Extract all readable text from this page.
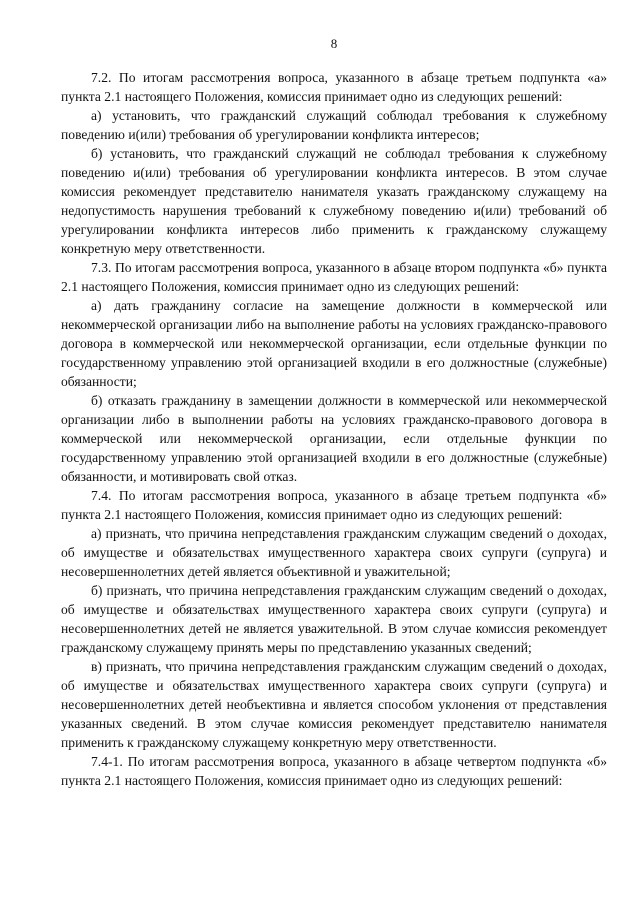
8

7.2. По итогам рассмотрения вопроса, указанного в абзаце третьем подпункта «а» пункта 2.1 настоящего Положения, комиссия принимает одно из следующих решений:

а) установить, что гражданский служащий соблюдал требования к служебному поведению и(или) требования об урегулировании конфликта интересов;

б) установить, что гражданский служащий не соблюдал требования к служебному поведению и(или) требования об урегулировании конфликта интересов. В этом случае комиссия рекомендует представителю нанимателя указать гражданскому служащему на недопустимость нарушения требований к служебному поведению и(или) требований об урегулировании конфликта интересов либо применить к гражданскому служащему конкретную меру ответственности.

7.3. По итогам рассмотрения вопроса, указанного в абзаце втором подпункта «б» пункта 2.1 настоящего Положения, комиссия принимает одно из следующих решений:

а) дать гражданину согласие на замещение должности в коммерческой или некоммерческой организации либо на выполнение работы на условиях гражданско-правового договора в коммерческой или некоммерческой организации, если отдельные функции по государственному управлению этой организацией входили в его должностные (служебные) обязанности;

б) отказать гражданину в замещении должности в коммерческой или некоммерческой организации либо в выполнении работы на условиях гражданско-правового договора в коммерческой или некоммерческой организации, если отдельные функции по государственному управлению этой организацией входили в его должностные (служебные) обязанности, и мотивировать свой отказ.

7.4. По итогам рассмотрения вопроса, указанного в абзаце третьем подпункта «б» пункта 2.1 настоящего Положения, комиссия принимает одно из следующих решений:

а) признать, что причина непредставления гражданским служащим сведений о доходах, об имуществе и обязательствах имущественного характера своих супруги (супруга) и несовершеннолетних детей является объективной и уважительной;

б) признать, что причина непредставления гражданским служащим сведений о доходах, об имуществе и обязательствах имущественного характера своих супруги (супруга) и несовершеннолетних детей не является уважительной. В этом случае комиссия рекомендует гражданскому служащему принять меры по представлению указанных сведений;

в) признать, что причина непредставления гражданским служащим сведений о доходах, об имуществе и обязательствах имущественного характера своих супруги (супруга) и несовершеннолетних детей необъективна и является способом уклонения от представления указанных сведений. В этом случае комиссия рекомендует представителю нанимателя применить к гражданскому служащему конкретную меру ответственности.

7.4-1. По итогам рассмотрения вопроса, указанного в абзаце четвертом подпункта «б» пункта 2.1 настоящего Положения, комиссия принимает одно из следующих решений:
